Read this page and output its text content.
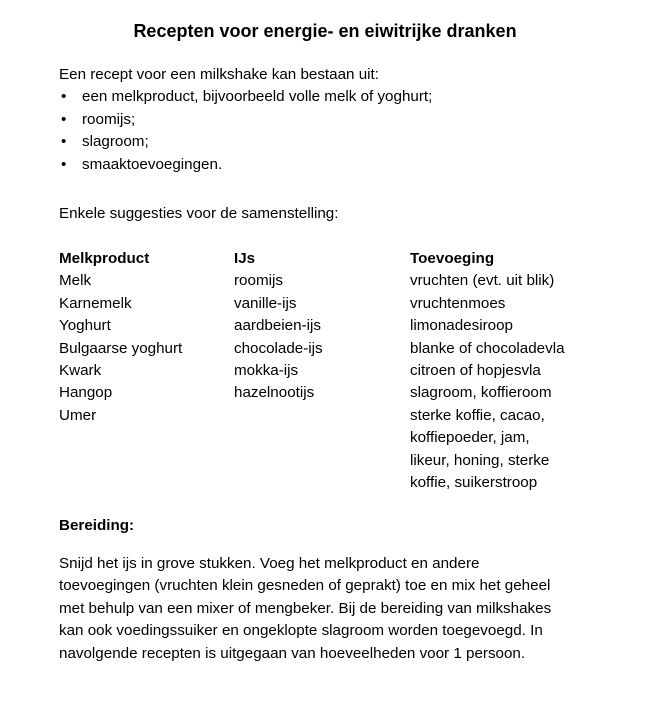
Recepten voor energie- en eiwitrijke dranken
Een recept voor een milkshake kan bestaan uit:
• een melkproduct, bijvoorbeeld volle melk of yoghurt;
• roomijs;
• slagroom;
• smaaktoevoegingen.
Enkele suggesties voor de samenstelling:
Melkproduct
Melk
Karnemelk
Yoghurt
Bulgaarse yoghurt
Kwark
Hangop
Umer
IJs
roomijs
vanille-ijs
aardbeien-ijs
chocolade-ijs
mokka-ijs
hazelnootijs
Toevoeging
vruchten (evt. uit blik)
vruchtenmoes
limonadesiroop
blanke of chocoladevla
citroen of hopjesvla
slagroom, koffieroom
sterke koffie, cacao,
koffiepoeder, jam,
likeur, honing, sterke
koffie, suikerstroop
Bereiding:
Snijd het ijs in grove stukken. Voeg het melkproduct en andere
toevoegingen (vruchten klein gesneden of geprakt) toe en mix het geheel
met behulp van een mixer of mengbeker. Bij de bereiding van milkshakes
kan ook voedingssuiker en ongeklopte slagroom worden toegevoegd. In
navolgende recepten is uitgegaan van hoeveelheden voor 1 persoon.
